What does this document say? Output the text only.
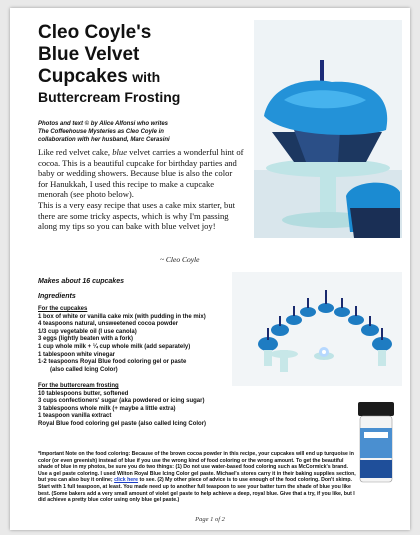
Cleo Coyle's
Blue Velvet
Cupcakes with
Buttercream Frosting
Photos and text © by Alice Alfonsi who writes
The Coffeehouse Mysteries as Cleo Coyle in
collaboration with her husband, Marc Cerasini
Like red velvet cake, blue velvet carries a wonderful hint of cocoa. This is a beautiful cupcake for birthday parties and baby or wedding showers. Because blue is also the color for Hanukkah, I used this recipe to make a cupcake menorah (see photo below).
This is a very easy recipe that uses a cake mix starter, but there are some tricky aspects, which is why I'm passing along my tips so you can bake with blue velvet joy!
~ Cleo Coyle
Makes about 16 cupcakes
Ingredients
For the cupcakes
1 box of white or vanilla cake mix (with pudding in the mix)
4 teaspoons natural, unsweetened cocoa powder
1/3 cup vegetable oil (I use canola)
3 eggs (lightly beaten with a fork)
1 cup whole milk + ¼ cup whole milk (add separately)
1 tablespoon white vinegar
1-2 teaspoons Royal Blue food coloring gel or paste
(also called Icing Color)
For the buttercream frosting
10 tablespoons butter, softened
3 cups confectioners' sugar (aka powdered or icing sugar)
3 tablespoons whole milk (+ maybe a little extra)
1 teaspoon vanilla extract
Royal Blue food coloring gel paste (also called Icing Color)
*Important Note on the food coloring: Because of the brown cocoa powder in this recipe, your cupcakes will end up turquoise in color (or even greenish) instead of blue if you use the wrong kind of food coloring or the wrong amount. To get the beautiful shade of blue in my photos, be sure you do two things: (1) Do not use water-based food coloring such as McCormick's brand. Use a gel paste coloring. I used Wilton Royal Blue Icing Color gel paste. Michael's stores carry it in their baking supplies section, but you can also buy it online; click here to see. (2) My other piece of advice is to use enough of the food coloring. Don't skimp. Start with 1 full teaspoon, at least. You made need up to another full teaspoon to see your batter turn the shade of blue you like best. (Some bakers add a very small amount of violet gel paste to help achieve a deep, royal blue. Give that a try, if you like, but I did achieve a pretty blue color using only blue gel paste.)
Page 1 of 2
